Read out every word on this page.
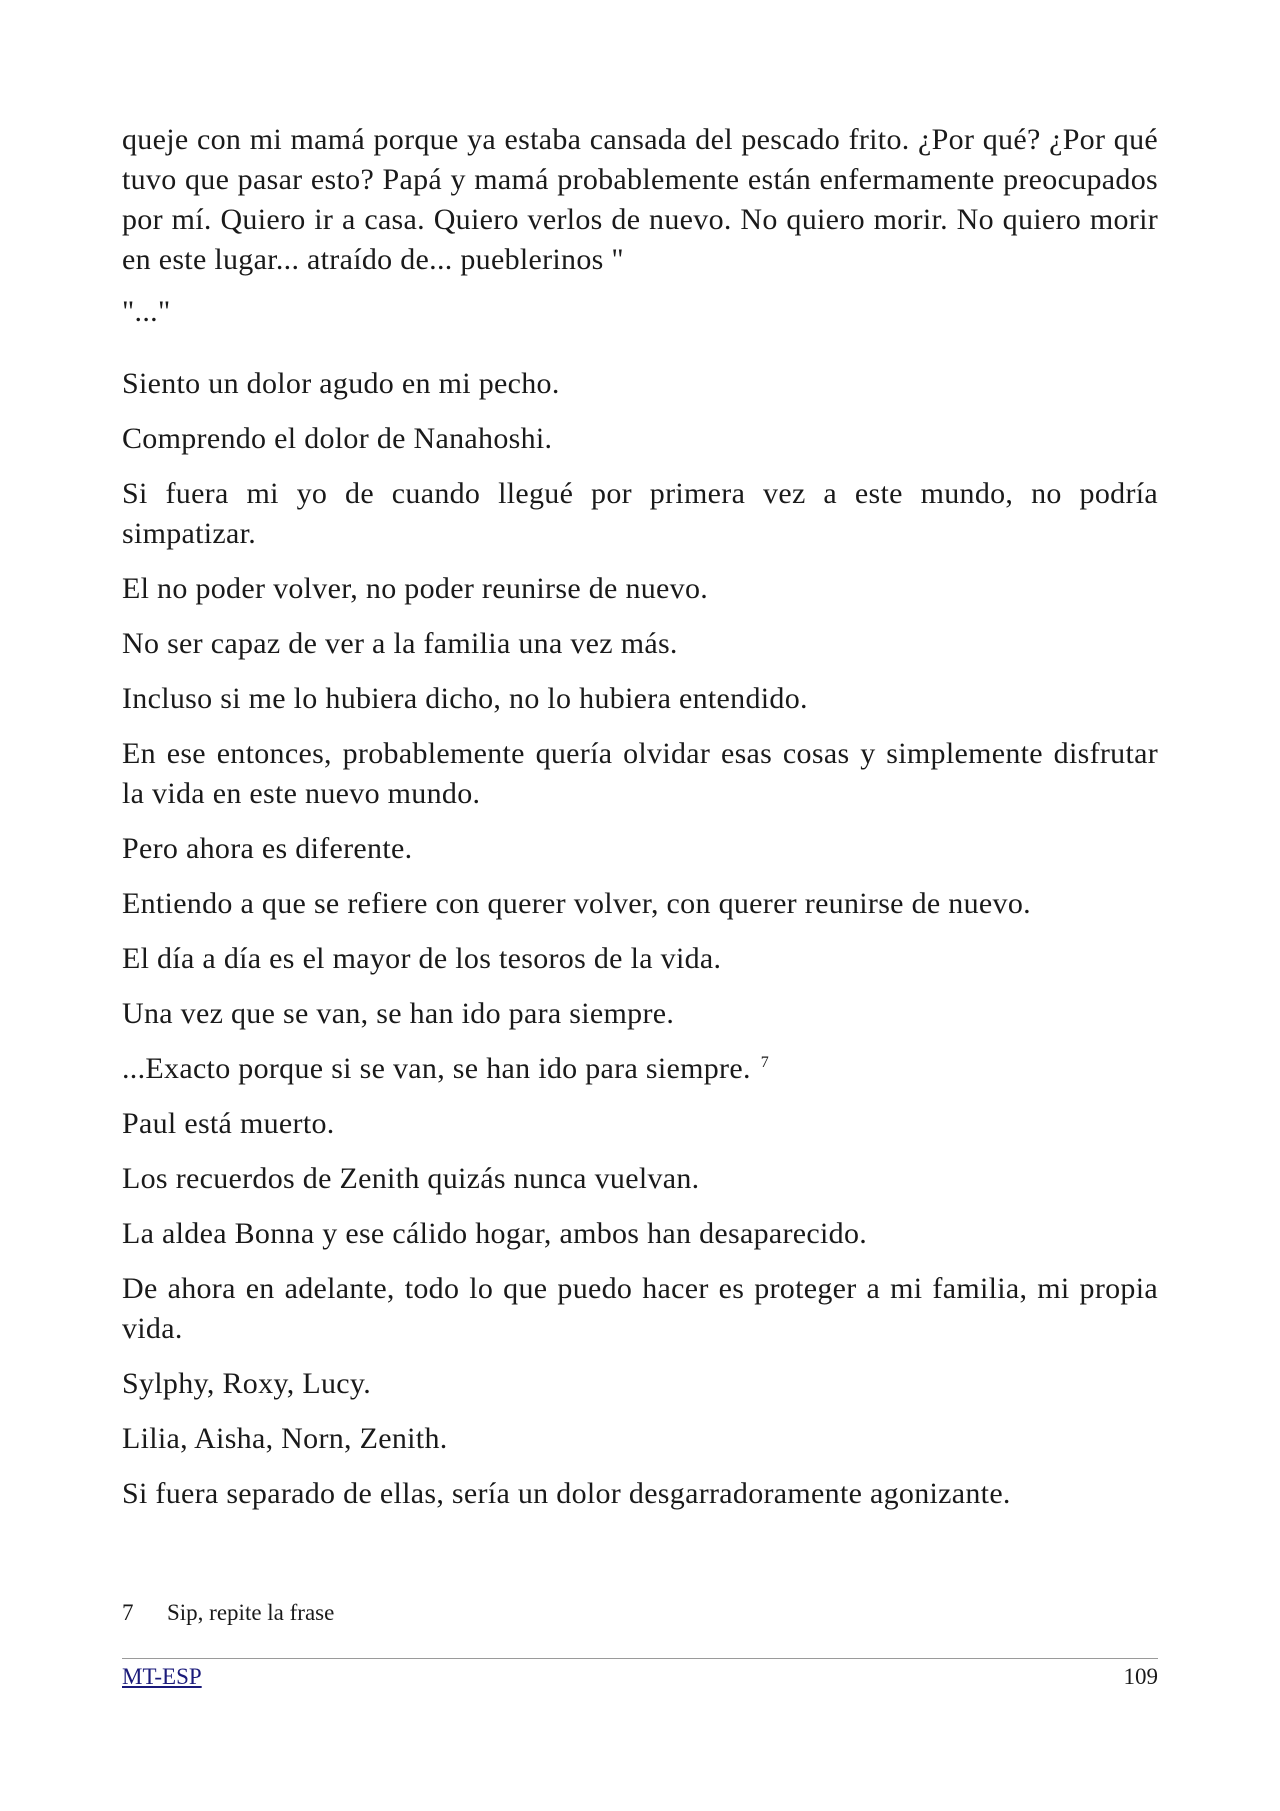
queje con mi mamá porque ya estaba cansada del pescado frito. ¿Por qué? ¿Por qué tuvo que pasar esto? Papá y mamá probablemente están enfermamente preocupados por mí. Quiero ir a casa. Quiero verlos de nuevo. No quiero morir. No quiero morir en este lugar... atraído de... pueblerinos "

"..."

Siento un dolor agudo en mi pecho.

Comprendo el dolor de Nanahoshi.

Si fuera mi yo de cuando llegué por primera vez a este mundo, no podría simpatizar.

El no poder volver, no poder reunirse de nuevo.

No ser capaz de ver a la familia una vez más.

Incluso si me lo hubiera dicho, no lo hubiera entendido.

En ese entonces, probablemente quería olvidar esas cosas y simplemente disfrutar la vida en este nuevo mundo.

Pero ahora es diferente.

Entiendo a que se refiere con querer volver, con querer reunirse de nuevo.

El día a día es el mayor de los tesoros de la vida.

Una vez que se van, se han ido para siempre.

...Exacto porque si se van, se han ido para siempre. $^7$

Paul está muerto.

Los recuerdos de Zenith quizás nunca vuelvan.

La aldea Bonna y ese cálido hogar, ambos han desaparecido.

De ahora en adelante, todo lo que puedo hacer es proteger a mi familia, mi propia vida.

Sylphy, Roxy, Lucy.

Lilia, Aisha, Norn, Zenith.

Si fuera separado de ellas, sería un dolor desgarradoramente agonizante.

7 Sip, repite la frase
MT-ESP	109
